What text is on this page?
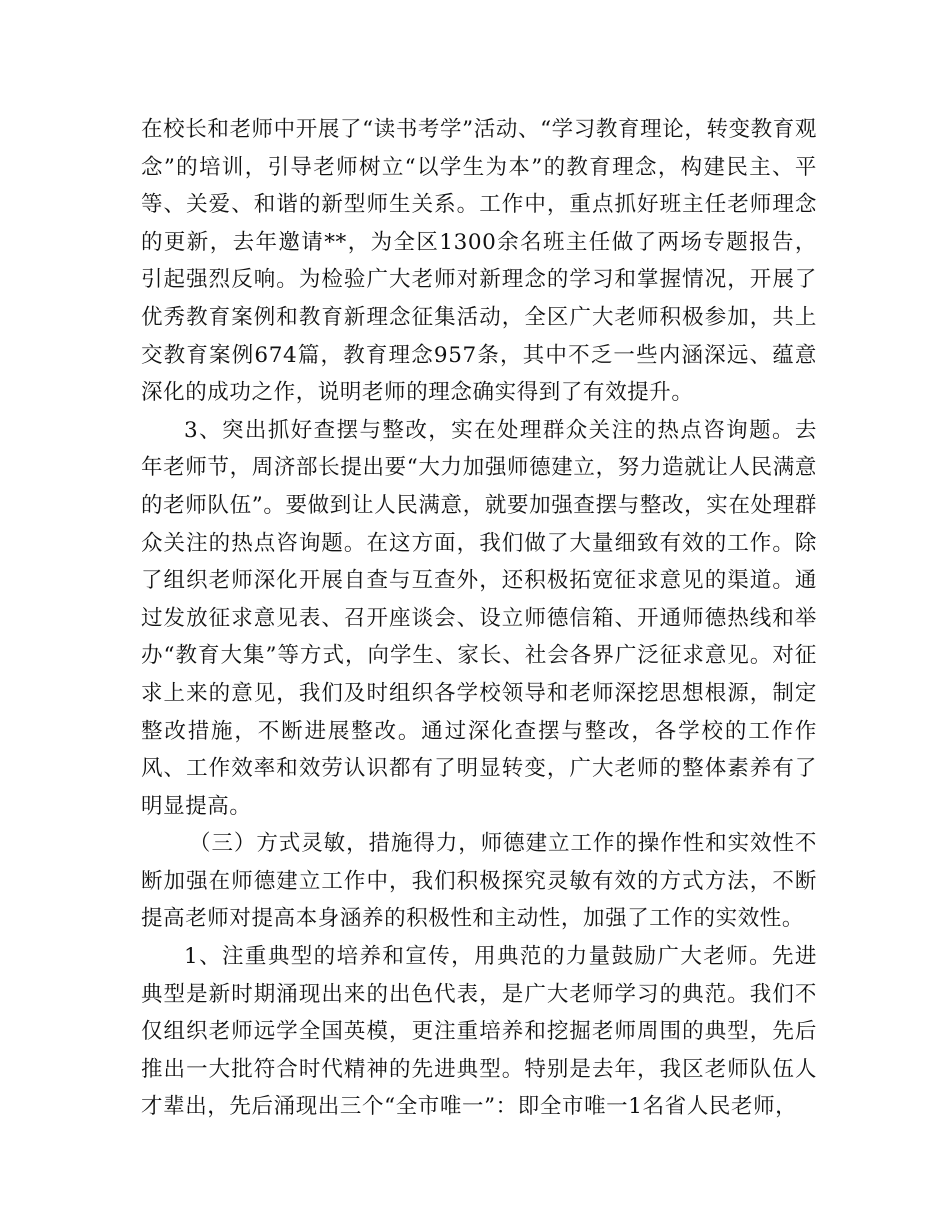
在校长和老师中开展了“读书考学”活动、“学习教育理论，转变教育观念”的培训，引导老师树立“以学生为本”的教育理念，构建民主、平等、关爱、和谐的新型师生关系。工作中，重点抓好班主任老师理念的更新，去年邀请**，为全区1300余名班主任做了两场专题报告，引起强烈反响。为检验广大老师对新理念的学习和掌握情况，开展了优秀教育案例和教育新理念征集活动，全区广大老师积极参加，共上交教育案例674篇，教育理念957条，其中不乏一些内涵深远、蕴意深化的成功之作，说明老师的理念确实得到了有效提升。

3、突出抓好查摆与整改，实在处理群众关注的热点咨询题。去年老师节，周济部长提出要“大力加强师德建立，努力造就让人民满意的老师队伍”。要做到让人民满意，就要加强查摆与整改，实在处理群众关注的热点咨询题。在这方面，我们做了大量细致有效的工作。除了组织老师深化开展自查与互查外，还积极拓宽征求意见的渠道。通过发放征求意见表、召开座谈会、设立师德信箱、开通师德热线和举办“教育大集”等方式，向学生、家长、社会各界广泛征求意见。对征求上来的意见，我们及时组织各学校领导和老师深挖思想根源，制定整改措施，不断进展整改。通过深化查摆与整改，各学校的工作作风、工作效率和效劳认识都有了明显转变，广大老师的整体素养有了明显提高。

（三）方式灵敏，措施得力，师德建立工作的操作性和实效性不断加强在师德建立工作中，我们积极探究灵敏有效的方式方法，不断提高老师对提高本身涵养的积极性和主动性，加强了工作的实效性。

1、注重典型的培养和宣传，用典范的力量鼓励广大老师。先进典型是新时期涌现出来的出色代表，是广大老师学习的典范。我们不仅组织老师远学全国英模，更注重培养和挖掘老师周围的典型，先后推出一大批符合时代精神的先进典型。特别是去年，我区老师队伍人才辈出，先后涌现出三个“全市唯一”：即全市唯一1名省人民老师，
